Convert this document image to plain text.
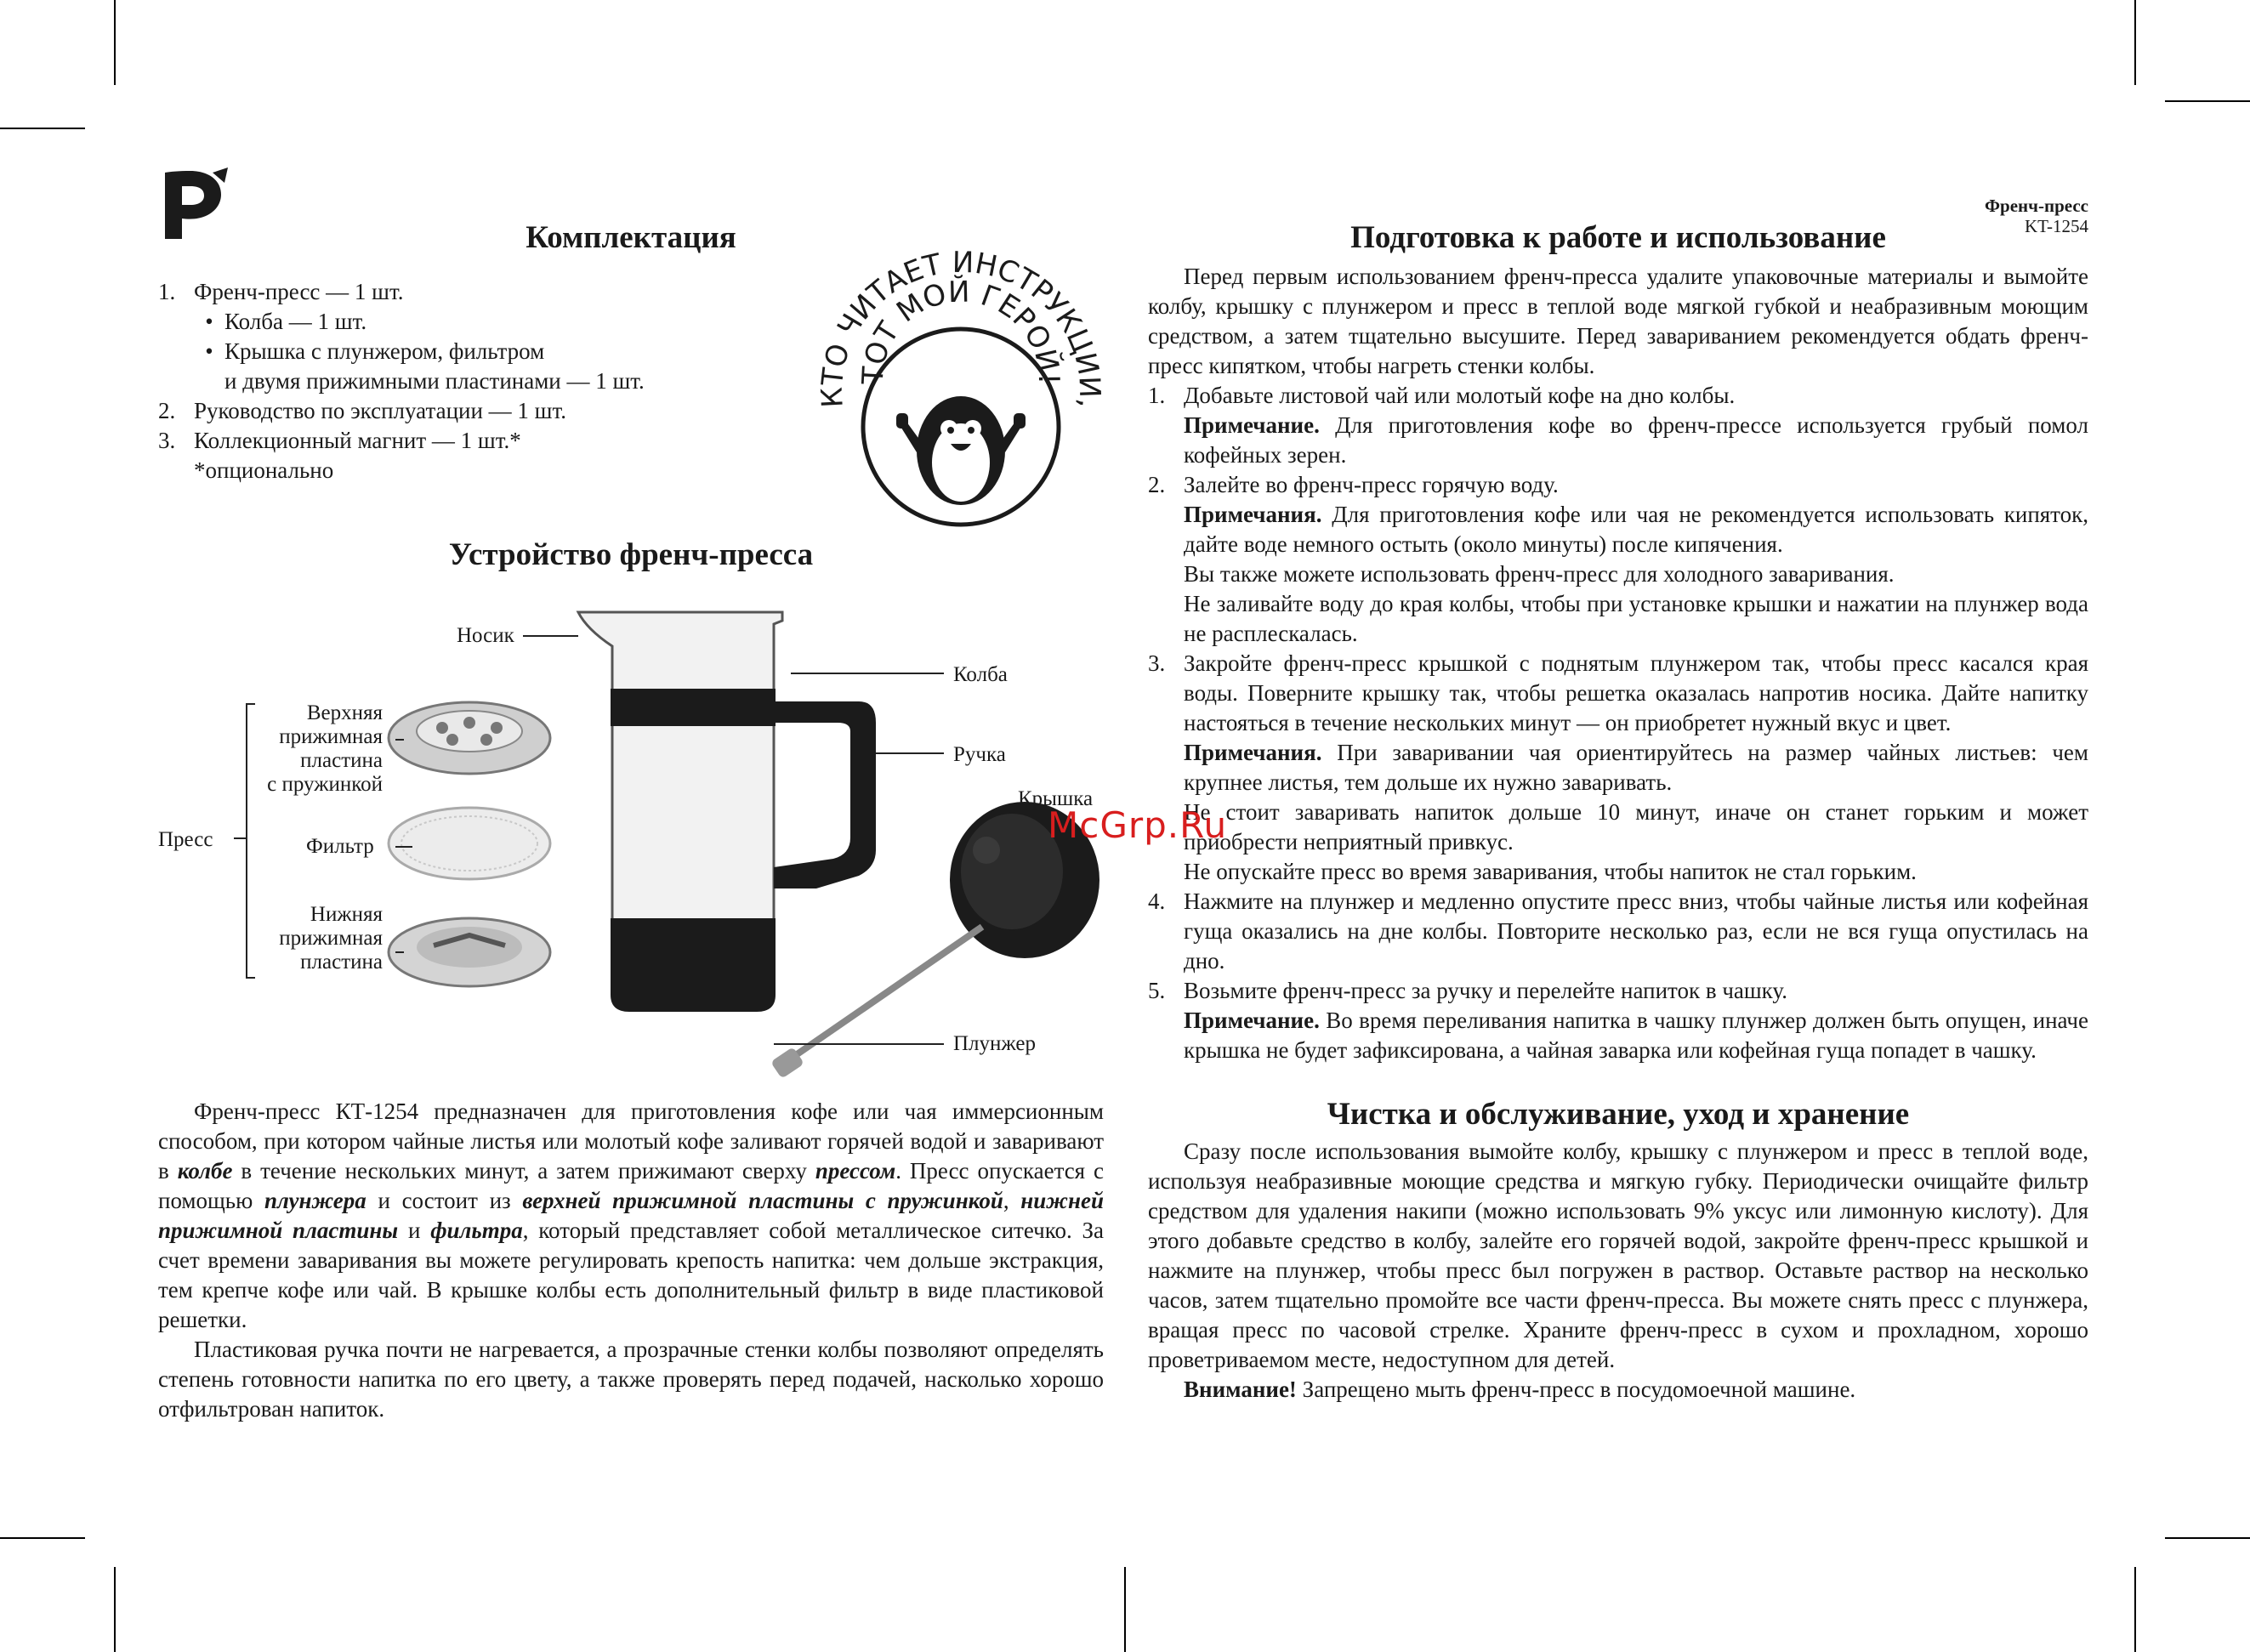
Френч-пресс
KT-1254
КТО ЧИТАЕТ ИНСТРУКЦИИ,
ТОТ МОЙ ГЕРОЙ!
Комплектация
1. Френч-пресс — 1 шт.
• Колба — 1 шт.
• Крышка с плунжером, фильтром
и двумя прижимными пластинами — 1 шт.
2. Руководство по эксплуатации — 1 шт.
3. Коллекционный магнит — 1 шт.*
*опционально
Устройство френч-пресса
Носик
Колба
Ручка
Крышка
Верхняя
прижимная
пластина
с пружинкой
Пресс	Фильтр
Нижняя
прижимная
пластина
Плунжер

Френч-пресс КТ-1254 предназначен для приготовления кофе или чая иммерсионным способом, при котором чайные листья или молотый кофе заливают горячей водой и заваривают в колбе в течение нескольких минут, а затем прижимают сверху прессом. Пресс опускается с помощью плунжера и состоит из верхней прижимной пластины с пружинкой, нижней прижимной пластины и фильтра, который представляет собой металлическое ситечко. За счет времени заваривания вы можете регулировать крепость напитка: чем дольше экстракция, тем крепче кофе или чай. В крышке колбы есть дополнительный фильтр в виде пластиковой решетки.

Пластиковая ручка почти не нагревается, а прозрачные стенки колбы позволяют определять степень готовности напитка по его цвету, а также проверять перед подачей, насколько хорошо отфильтрован напиток.

Подготовка к работе и использование

Перед первым использованием френч-пресса удалите упаковочные материалы и вымойте колбу, крышку с плунжером и пресс в теплой воде мягкой губкой и неабразивным моющим средством, а затем тщательно высушите. Перед завариванием рекомендуется обдать френч-пресс кипятком, чтобы нагреть стенки колбы.

1. Добавьте листовой чай или молотый кофе на дно колбы.
Примечание. Для приготовления кофе во френч-прессе используется грубый помол кофейных зерен.
2. Залейте во френч-пресс горячую воду.
Примечания. Для приготовления кофе или чая не рекомендуется использовать кипяток, дайте воде немного остыть (около минуты) после кипячения.
Вы также можете использовать френч-пресс для холодного заваривания.
Не заливайте воду до края колбы, чтобы при установке крышки и нажатии на плунжер вода не расплескалась.
3. Закройте френч-пресс крышкой с поднятым плунжером так, чтобы пресс касался края воды. Поверните крышку так, чтобы решетка оказалась напротив носика. Дайте напитку настояться в течение нескольких минут — он приобретет нужный вкус и цвет.
Примечания. При заваривании чая ориентируйтесь на размер чайных листьев: чем крупнее листья, тем дольше их нужно заваривать.
Не стоит заваривать напиток дольше 10 минут, иначе он станет горьким и может приобрести неприятный привкус.
Не опускайте пресс во время заваривания, чтобы напиток не стал горьким.
4. Нажмите на плунжер и медленно опустите пресс вниз, чтобы чайные листья или кофейная гуща оказались на дне колбы. Повторите несколько раз, если не вся гуща опустилась на дно.
5. Возьмите френч-пресс за ручку и перелейте напиток в чашку.
Примечание. Во время переливания напитка в чашку плунжер должен быть опущен, иначе крышка не будет зафиксирована, а чайная заварка или кофейная гуща попадет в чашку.
Чистка и обслуживание, уход и хранение

Сразу после использования вымойте колбу, крышку с плунжером и пресс в теплой воде, используя неабразивные моющие средства и мягкую губку. Периодически очищайте фильтр средством для удаления накипи (можно использовать 9% уксус или лимонную кислоту). Для этого добавьте средство в колбу, залейте его горячей водой, закройте френч-пресс крышкой и нажмите на плунжер, чтобы пресс был погружен в раствор. Оставьте раствор на несколько часов, затем тщательно промойте все части френч-пресса. Вы можете снять пресс с плунжера, вращая пресс по часовой стрелке. Храните френч-пресс в сухом и прохладном, хорошо проветриваемом месте, недоступном для детей.

Внимание! Запрещено мыть френч-пресс в посудомоечной машине.

McGrp.Ru
